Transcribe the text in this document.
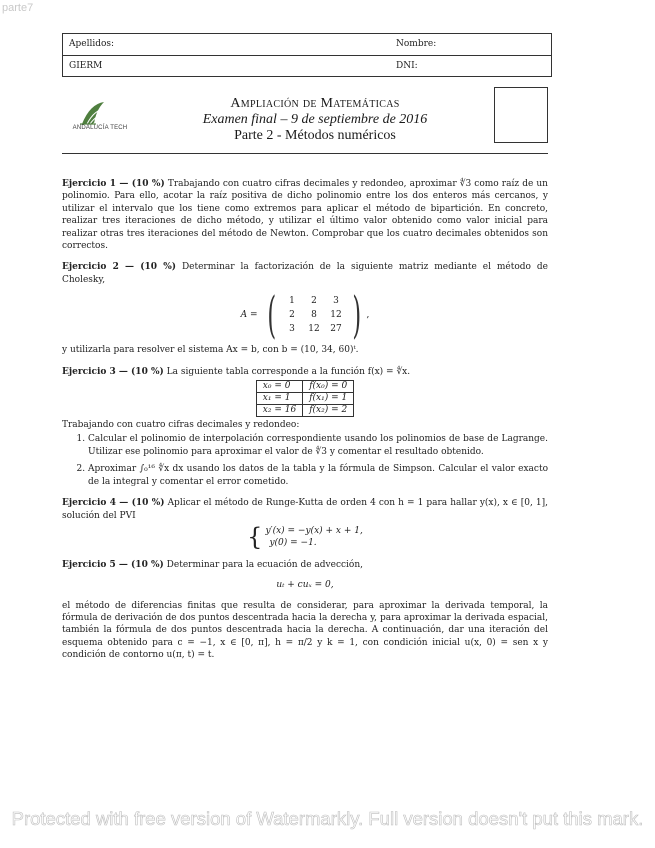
parte7
Apellidos:	Nombre:
GIERM	DNI:
ANDALUCÍA TECH
Ampliación de Matemáticas
Examen final – 9 de septiembre de 2016
Parte 2 - Métodos numéricos

Ejercicio 1 — (10 %) Trabajando con cuatro cifras decimales y redondeo, aproximar ∜3 como raíz de un polinomio. Para ello, acotar la raíz positiva de dicho polinomio entre los dos enteros más cercanos, y utilizar el intervalo que los tiene como extremos para aplicar el método de bipartición. En concreto, realizar tres iteraciones de dicho método, y utilizar el último valor obtenido como valor inicial para realizar otras tres iteraciones del método de Newton. Comprobar que los cuatro decimales obtenidos son correctos.

Ejercicio 2 — (10 %) Determinar la factorización de la siguiente matriz mediante el método de Cholesky,

A = (	1	2	3
2	8	12
3	12	27 ) ,

y utilizarla para resolver el sistema Ax = b, con b = (10, 34, 60)ᵗ.

Ejercicio 3 — (10 %) La siguiente tabla corresponde a la función f(x) = ∜x.

x₀ = 0	f(x₀) = 0
x₁ = 1	f(x₁) = 1
x₂ = 16	f(x₂) = 2

Trabajando con cuatro cifras decimales y redondeo:

1. Calcular el polinomio de interpolación correspondiente usando los polinomios de base de Lagrange. Utilizar ese polinomio para aproximar el valor de ∜3 y comentar el resultado obtenido.
2. Aproximar ∫₀¹⁶ ∜x dx usando los datos de la tabla y la fórmula de Simpson. Calcular el valor exacto de la integral y comentar el error cometido.

Ejercicio 4 — (10 %) Aplicar el método de Runge-Kutta de orden 4 con h = 1 para hallar y(x), x ∈ [0, 1], solución del PVI

{ y′(x) = −y(x) + x + 1,
y(0) = −1.

Ejercicio 5 — (10 %) Determinar para la ecuación de advección,

uₜ + cuₓ = 0,

el método de diferencias finitas que resulta de considerar, para aproximar la derivada temporal, la fórmula de derivación de dos puntos descentrada hacia la derecha y, para aproximar la derivada espacial, también la fórmula de dos puntos descentrada hacia la derecha. A continuación, dar una iteración del esquema obtenido para c = −1, x ∈ [0, π], h = π/2 y k = 1, con condición inicial u(x, 0) = sen x y condición de contorno u(π, t) = t.

Protected with free version of Watermarkly. Full version doesn't put this mark.
